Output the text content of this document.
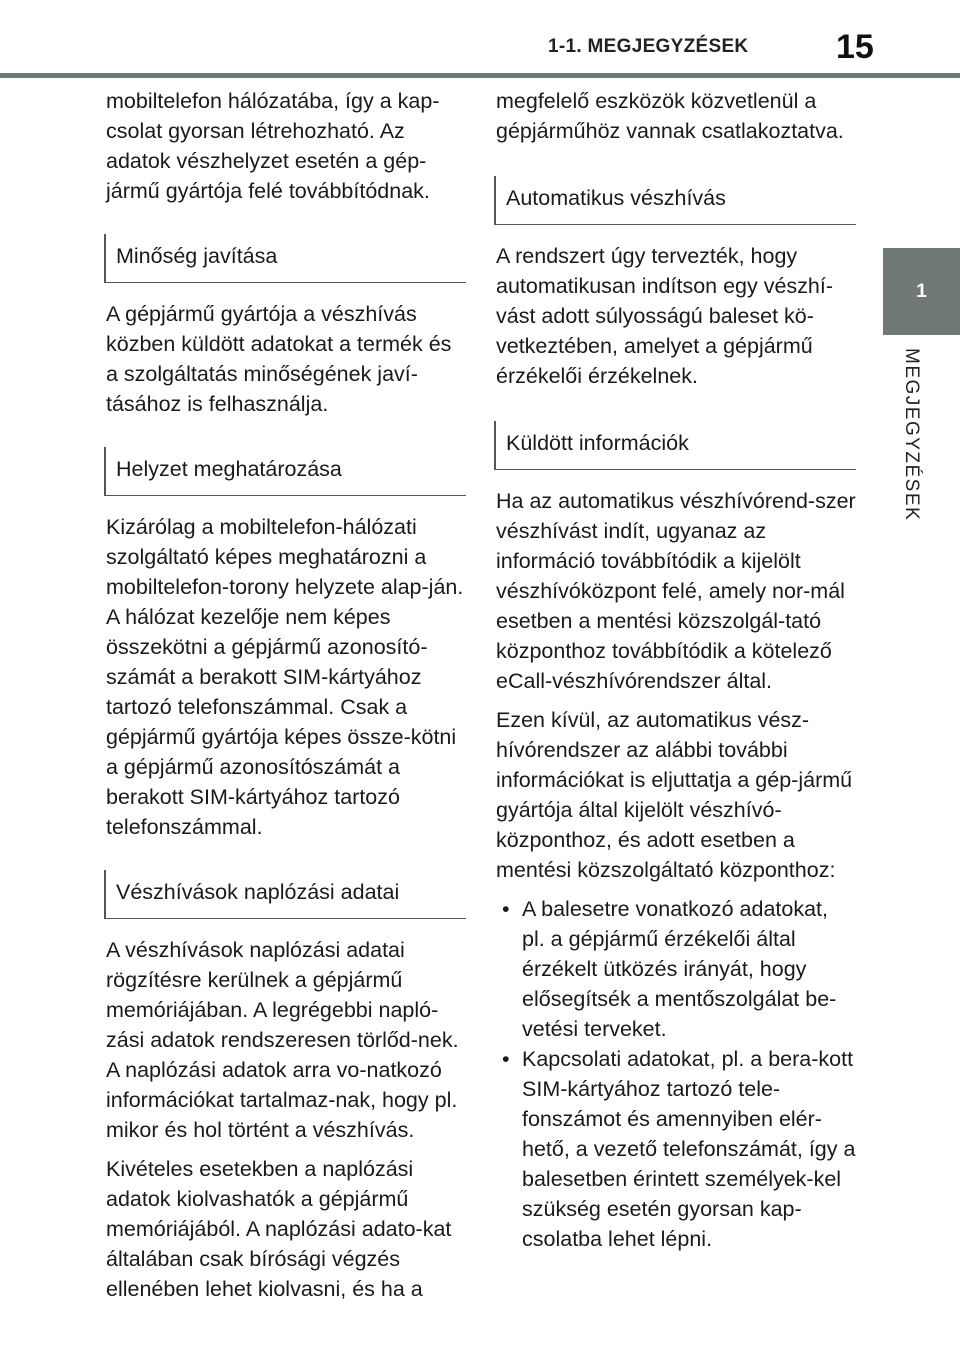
1-1. MEGJEGYZÉSEK	15
1
MEGJEGYZÉSEK

mobiltelefon hálózatába, így a kap-csolat gyorsan létrehozható. Az adatok vészhelyzet esetén a gép-jármű gyártója felé továbbítódnak.

Minőség javítása

A gépjármű gyártója a vészhívás közben küldött adatokat a termék és a szolgáltatás minőségének javí-tásához is felhasználja.

Helyzet meghatározása

Kizárólag a mobiltelefon-hálózati szolgáltató képes meghatározni a mobiltelefon-torony helyzete alap-ján. A hálózat kezelője nem képes összekötni a gépjármű azonosító-számát a berakott SIM-kártyához tartozó telefonszámmal. Csak a gépjármű gyártója képes össze-kötni a gépjármű azonosítószámát a berakott SIM-kártyához tartozó telefonszámmal.

Vészhívások naplózási adatai

A vészhívások naplózási adatai rögzítésre kerülnek a gépjármű memóriájában. A legrégebbi napló-zási adatok rendszeresen törlőd-nek. A naplózási adatok arra vo-natkozó információkat tartalmaz-nak, hogy pl. mikor és hol történt a vészhívás.

Kivételes esetekben a naplózási adatok kiolvashatók a gépjármű memóriájából. A naplózási adato-kat általában csak bírósági végzés ellenében lehet kiolvasni, és ha a

megfelelő eszközök közvetlenül a gépjárműhöz vannak csatlakoztatva.

Automatikus vészhívás

A rendszert úgy tervezték, hogy automatikusan indítson egy vészhí-vást adott súlyosságú baleset kö-vetkeztében, amelyet a gépjármű érzékelői érzékelnek.

Küldött információk

Ha az automatikus vészhívórend-szer vészhívást indít, ugyanaz az információ továbbítódik a kijelölt vészhívóközpont felé, amely nor-mál esetben a mentési közszolgál-tató központhoz továbbítódik a kötelező eCall-vészhívórendszer által.

Ezen kívül, az automatikus vész-hívórendszer az alábbi további információkat is eljuttatja a gép-jármű gyártója által kijelölt vészhívó-központhoz, és adott esetben a mentési közszolgáltató központhoz:

• A balesetre vonatkozó adatokat, pl. a gépjármű érzékelői által érzékelt ütközés irányát, hogy elősegítsék a mentőszolgálat be-vetési terveket.
• Kapcsolati adatokat, pl. a bera-kott SIM-kártyához tartozó tele-fonszámot és amennyiben elér-hető, a vezető telefonszámát, így a balesetben érintett személyek-kel szükség esetén gyorsan kap-csolatba lehet lépni.
